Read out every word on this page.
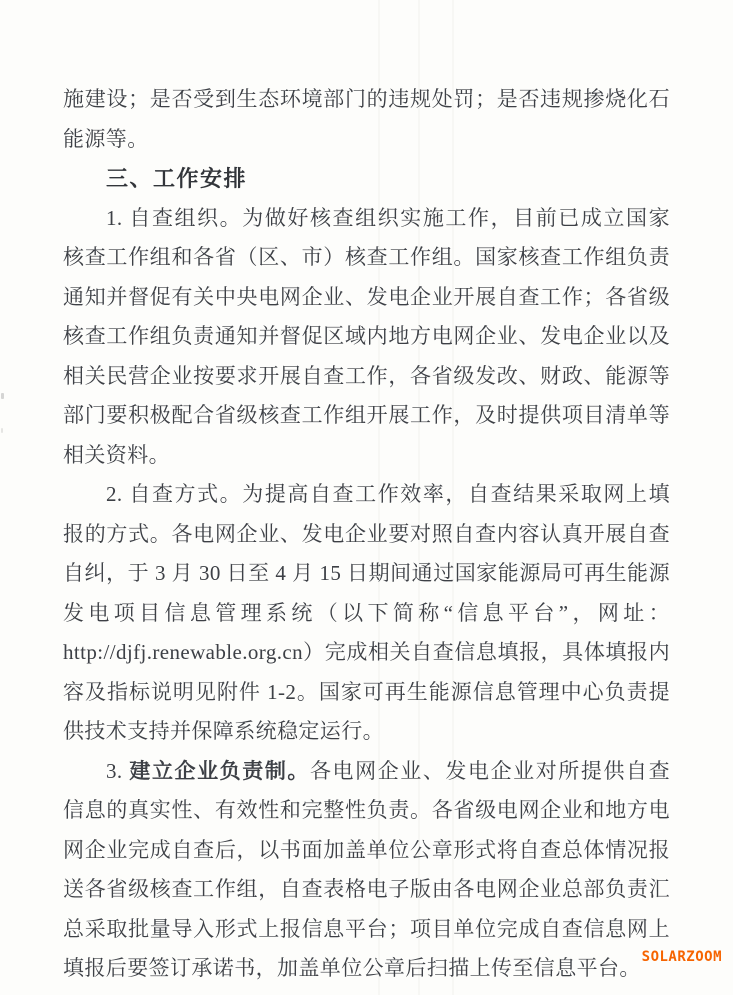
施建设；是否受到生态环境部门的违规处罚；是否违规掺烧化石
能源等。
三、工作安排
1. 自查组织。为做好核查组织实施工作，目前已成立国家
核查工作组和各省（区、市）核查工作组。国家核查工作组负责
通知并督促有关中央电网企业、发电企业开展自查工作；各省级
核查工作组负责通知并督促区域内地方电网企业、发电企业以及
相关民营企业按要求开展自查工作，各省级发改、财政、能源等
部门要积极配合省级核查工作组开展工作，及时提供项目清单等
相关资料。
2. 自查方式。为提高自查工作效率，自查结果采取网上填
报的方式。各电网企业、发电企业要对照自查内容认真开展自查
自纠，于 3 月 30 日至 4 月 15 日期间通过国家能源局可再生能源
发电项目信息管理系统（以下简称“信息平台”，网址：
http://djfj.renewable.org.cn）完成相关自查信息填报，具体填报内
容及指标说明见附件 1-2。国家可再生能源信息管理中心负责提
供技术支持并保障系统稳定运行。
3. 建立企业负责制。各电网企业、发电企业对所提供自查
信息的真实性、有效性和完整性负责。各省级电网企业和地方电
网企业完成自查后，以书面加盖单位公章形式将自查总体情况报
送各省级核查工作组，自查表格电子版由各电网企业总部负责汇
总采取批量导入形式上报信息平台；项目单位完成自查信息网上
填报后要签订承诺书，加盖单位公章后扫描上传至信息平台。 SOLARZOOM
